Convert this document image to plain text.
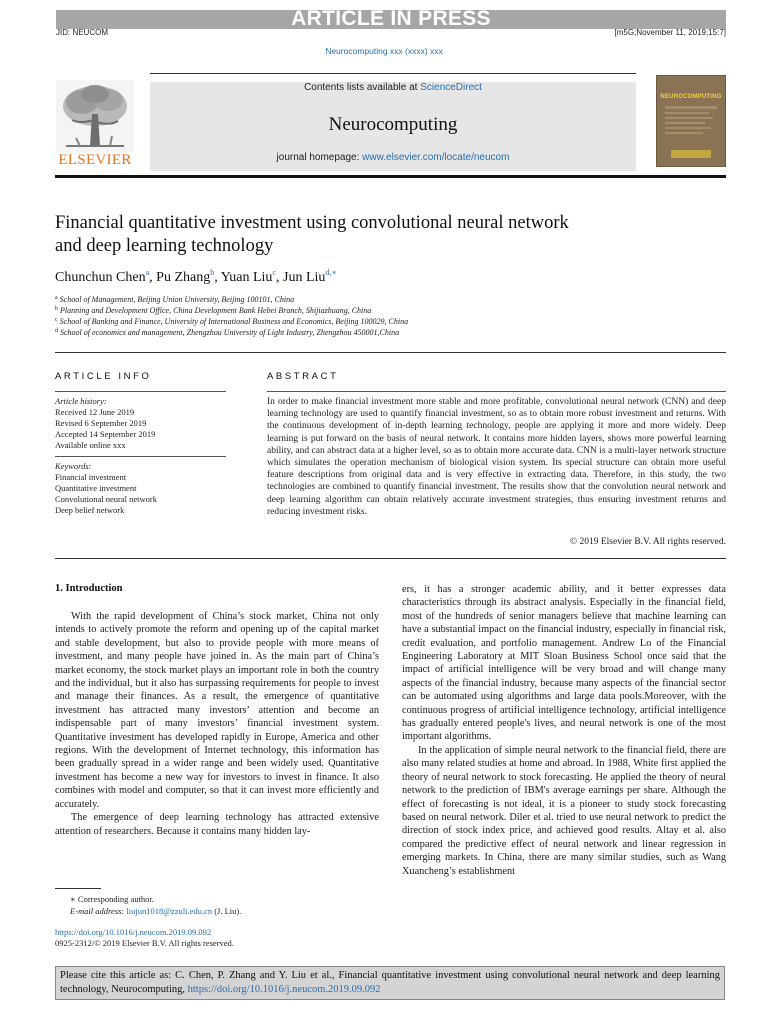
ARTICLE IN PRESS
JID: NEUCOM	[m5G;November 11, 2019;15:7]
Neurocomputing xxx (xxxx) xxx
ELSEVIER
Contents lists available at ScienceDirect
Neurocomputing
journal homepage: www.elsevier.com/locate/neucom
NEUROCOMPUTING
Financial quantitative investment using convolutional neural network
and deep learning technology
Chunchun Chen$^a$, Pu Zhang$^b$, Yuan Liu$^c$, Jun Liu$^{d,∗}$
$^a$ School of Management, Beijing Union University, Beijing 100101, China
$^b$ Planning and Development Office, China Development Bank Hebei Branch, Shijiazhuang, China
$^c$ School of Banking and Finance, University of International Business and Economics, Beijing 100029, China
$^d$ School of economics and management, Zhengzhou University of Light Industry, Zhengzhou 450001,China
ARTICLE INFO
Article history:
Received 12 June 2019
Revised 6 September 2019
Accepted 14 September 2019
Available online xxx
Keywords:
Financial investment
Quantitative investment
Convolutional neural network
Deep belief network
ABSTRACT
In order to make financial investment more stable and more profitable, convolutional neural network (CNN) and deep learning technology are used to quantify financial investment, so as to obtain more robust investment and returns. With the continuous development of in-depth learning technology, people are applying it more and more widely. Deep learning is put forward on the basis of neural network. It contains more hidden layers, shows more powerful learning ability, and can abstract data at a higher level, so as to obtain more accurate data. CNN is a multi-layer network structure which simulates the operation mechanism of biological vision system. Its special structure can obtain more useful feature descriptions from original data and is very effective in extracting data. Therefore, in this study, the two technologies are combined to quantify financial investment. The results show that the convolution neural network and deep learning algorithm can obtain relatively accurate investment strategies, thus ensuring investment returns and reducing investment risks.
© 2019 Elsevier B.V. All rights reserved.
1. Introduction

With the rapid development of China’s stock market, China not only intends to actively promote the reform and opening up of the capital market and stable development, but also to provide people with more means of investment, and many people have joined in. As the main part of China’s market economy, the stock market plays an important role in both the country and the individual, but it also has surpassing requirements for people to invest and manage their finances. As a result, the emergence of quantitative investment has attracted many investors’ attention and become an indispensable part of many investors’ financial investment system. Quantitative investment has developed rapidly in Europe, America and other regions. With the development of Internet technology, this information has been gradually spread in a wider range and been widely used. Quantitative investment has become a new way for investors to invest in finance. It also combines with model and computer, so that it can invest more efficiently and accurately.

The emergence of deep learning technology has attracted extensive attention of researchers. Because it contains many hidden lay-

ers, it has a stronger academic ability, and it better expresses data characteristics through its abstract analysis. Especially in the financial field, most of the hundreds of senior managers believe that machine learning can have a substantial impact on the financial industry, especially in financial risk, credit evaluation, and portfolio management. Andrew Lo of the Financial Engineering Laboratory at MIT Sloan Business School once said that the impact of artificial intelligence will be very broad and will change many aspects of the financial industry, because many aspects of the financial sector can be automated using algorithms and large data pools.Moreover, with the continuous progress of artificial intelligence technology, artificial intelligence has gradually entered people's lives, and neural network is one of the most important algorithms.

In the application of simple neural network to the financial field, there are also many related studies at home and abroad. In 1988, White first applied the theory of neural network to stock forecasting. He applied the theory of neural network to the prediction of IBM's average earnings per share. Although the effect of forecasting is not ideal, it is a pioneer to study stock forecasting based on neural network. Diler et al. tried to use neural network to predict the direction of stock index price, and achieved good results. Altay et al. also compared the predictive effect of neural network and linear regression in emerging markets. In China, there are many similar studies, such as Wang Xuancheng’s establishment

∗ Corresponding author.
E-mail address: liujun1018@zzuli.edu.cn (J. Liu).
https://doi.org/10.1016/j.neucom.2019.09.092
0925-2312/© 2019 Elsevier B.V. All rights reserved.
Please cite this article as: C. Chen, P. Zhang and Y. Liu et al., Financial quantitative investment using convolutional neural network and deep learning technology, Neurocomputing, https://doi.org/10.1016/j.neucom.2019.09.092
